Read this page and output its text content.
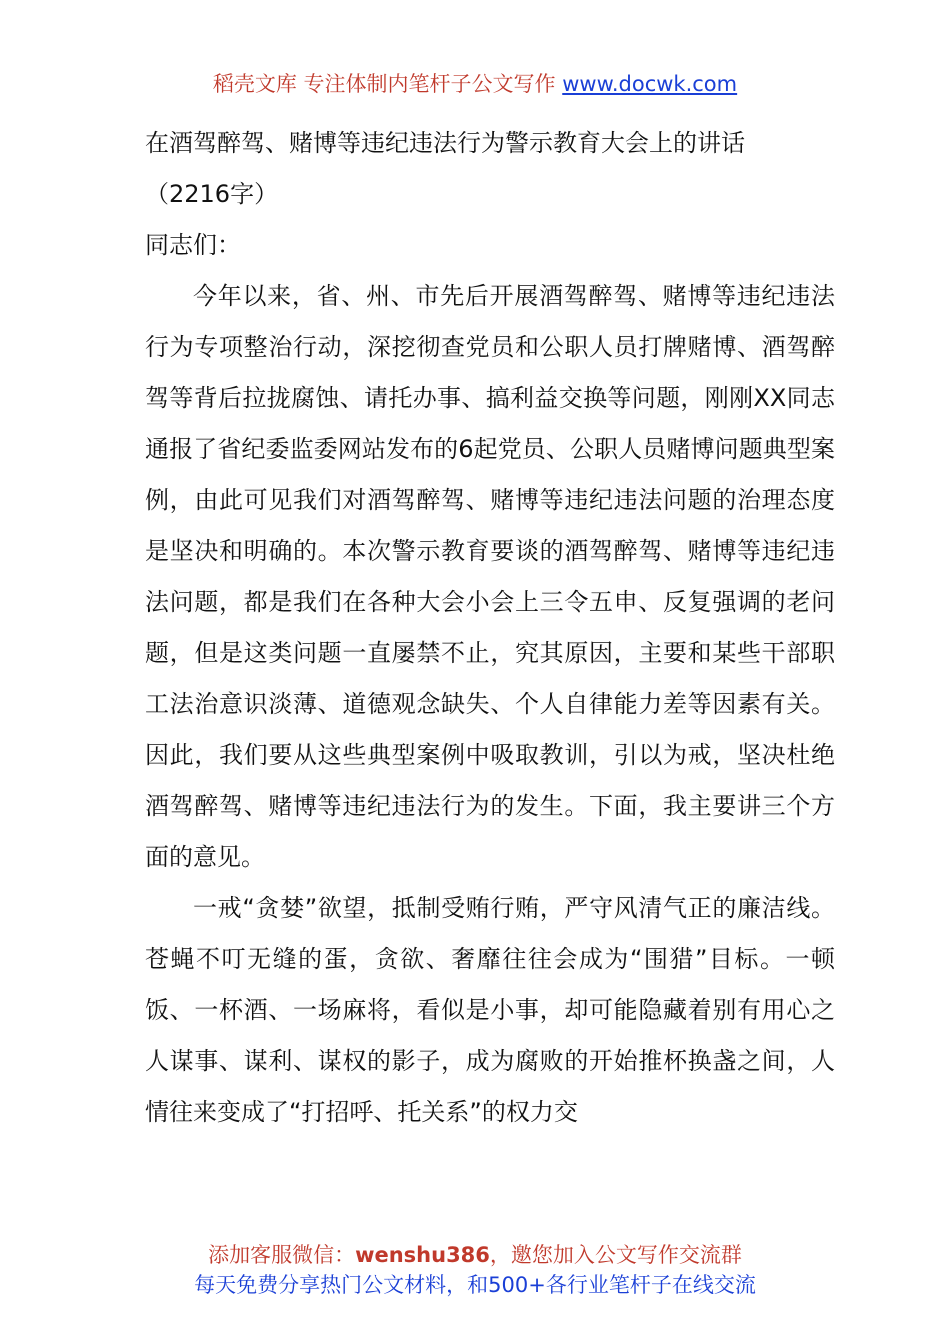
稻壳文库 专注体制内笔杆子公文写作 www.docwk.com

在酒驾醉驾、赌博等违纪违法行为警示教育大会上的讲话

（2216字）

同志们：

今年以来，省、州、市先后开展酒驾醉驾、赌博等违纪违法行为专项整治行动，深挖彻查党员和公职人员打牌赌博、酒驾醉驾等背后拉拢腐蚀、请托办事、搞利益交换等问题，刚刚XX同志通报了省纪委监委网站发布的6起党员、公职人员赌博问题典型案例，由此可见我们对酒驾醉驾、赌博等违纪违法问题的治理态度是坚决和明确的。本次警示教育要谈的酒驾醉驾、赌博等违纪违法问题，都是我们在各种大会小会上三令五申、反复强调的老问题，但是这类问题一直屡禁不止，究其原因，主要和某些干部职工法治意识淡薄、道德观念缺失、个人自律能力差等因素有关。因此，我们要从这些典型案例中吸取教训，引以为戒，坚决杜绝酒驾醉驾、赌博等违纪违法行为的发生。下面，我主要讲三个方面的意见。

一戒“贪婪”欲望，抵制受贿行贿，严守风清气正的廉洁线。苍蝇不叮无缝的蛋，贪欲、奢靡往往会成为“围猎”目标。一顿饭、一杯酒、一场麻将，看似是小事，却可能隐藏着别有用心之人谋事、谋利、谋权的影子，成为腐败的开始推杯换盏之间，人情往来变成了“打招呼、托关系”的权力交

添加客服微信：wenshu386，邀您加入公文写作交流群
每天免费分享热门公文材料，和500+各行业笔杆子在线交流
